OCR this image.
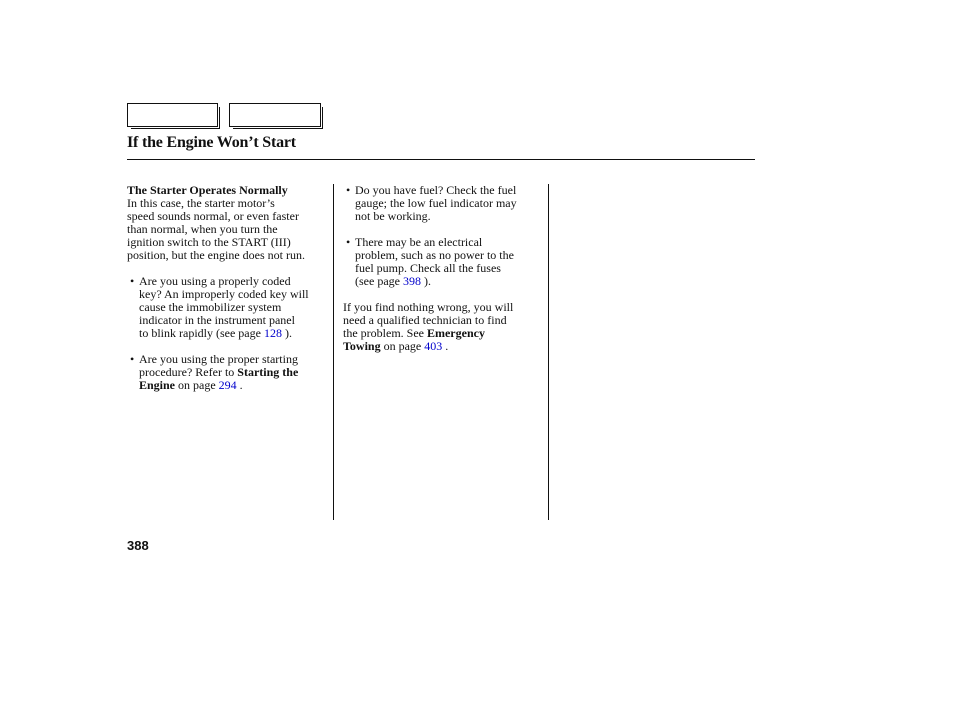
If the Engine Won’t Start

The Starter Operates Normally

In this case, the starter motor’s

speed sounds normal, or even faster

than normal, when you turn the

ignition switch to the START (III)

position, but the engine does not run.

• Are you using a properly coded

key? An improperly coded key will

cause the immobilizer system

indicator in the instrument panel

to blink rapidly (see page 128 ).

• Are you using the proper starting

procedure? Refer to Starting the

Engine on page 294 .

• Do you have fuel? Check the fuel

gauge; the low fuel indicator may

not be working.

• There may be an electrical

problem, such as no power to the

fuel pump. Check all the fuses

(see page 398 ).

If you find nothing wrong, you will

need a qualified technician to find

the problem. See Emergency

Towing on page 403 .

388
